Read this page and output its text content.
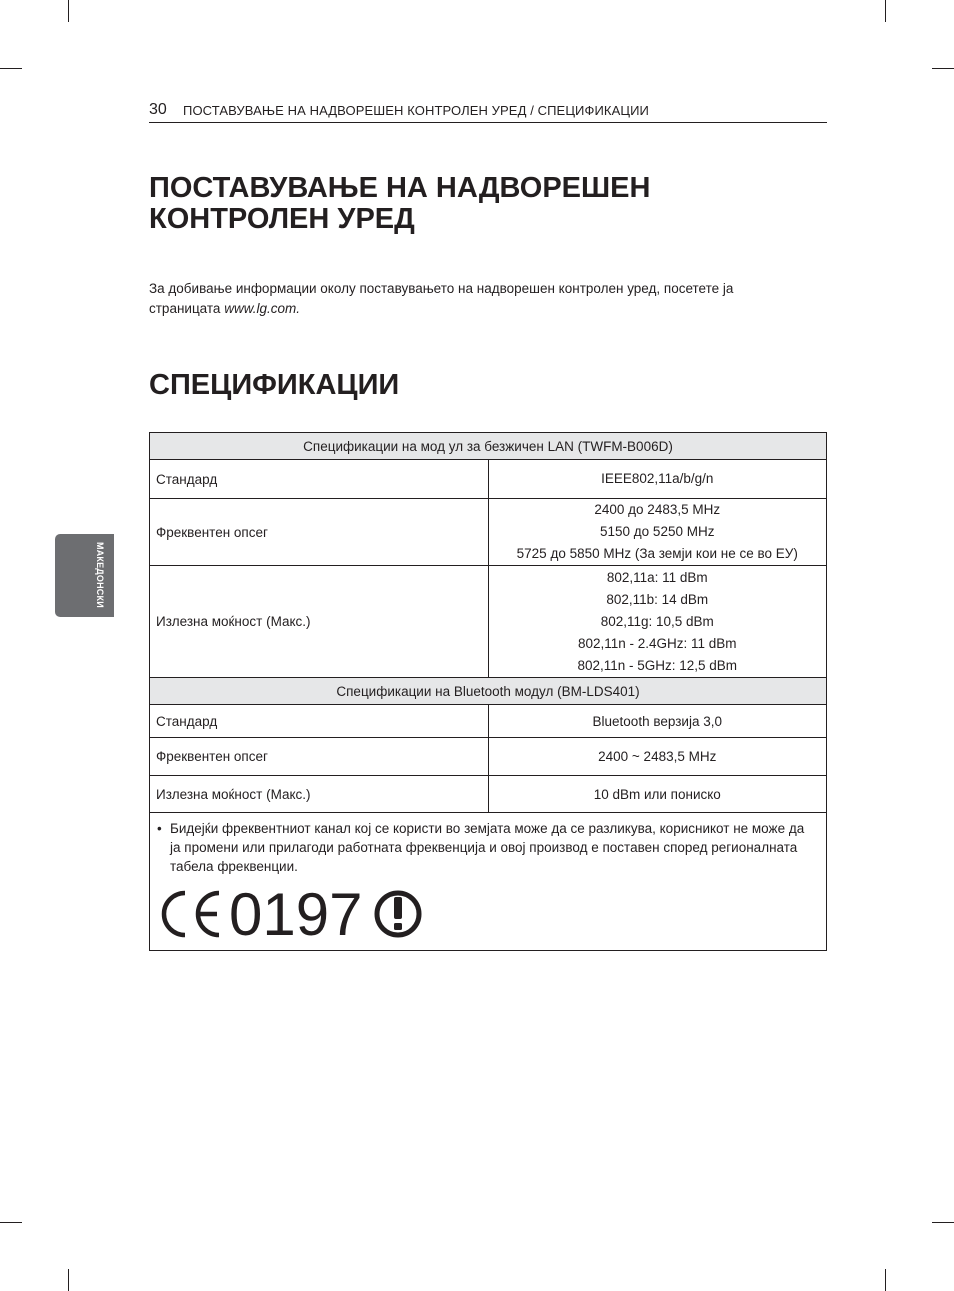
30 ПОСТАВУВАЊЕ НА НАДВОРЕШЕН КОНТРОЛЕН УРЕД / СПЕЦИФИКАЦИИ
ПОСТАВУВАЊЕ НА НАДВОРЕШЕН КОНТРОЛЕН УРЕД
За добивање информации околу поставувањето на надворешен контролен уред, посетете ја страницата www.lg.com.
МАКЕДОНСКИ
СПЕЦИФИКАЦИИ
Спецификации на мод ул за безжичен LAN (TWFM-B006D)	
Стандард	IEEE802,11a/b/g/n

Фреквентен опсег	2400 до 2483,5 MHz
5150 до 5250 MHz
5725 до 5850 MHz (За земји кои не се во ЕУ)

Излезна моќност (Макс.)	802,11a: 11 dBm
802,11b: 14 dBm
802,11g: 10,5 dBm
802,11n - 2.4GHz: 11 dBm
802,11n - 5GHz: 12,5 dBm

Спецификации на Bluetooth модул (BM-LDS401)	
Стандард	Bluetooth верзија 3,0
Фреквентен опсег	2400 ~ 2483,5 MHz
Излезна моќност (Макс.)	10 dBm или пониско

• Бидејќи фреквентниот канал кој се користи во земјата може да се разликува, корисникот не може да ја промени или прилагоди работната фреквенција и овој производ е поставен според регионалната табела фреквенции.
0197
